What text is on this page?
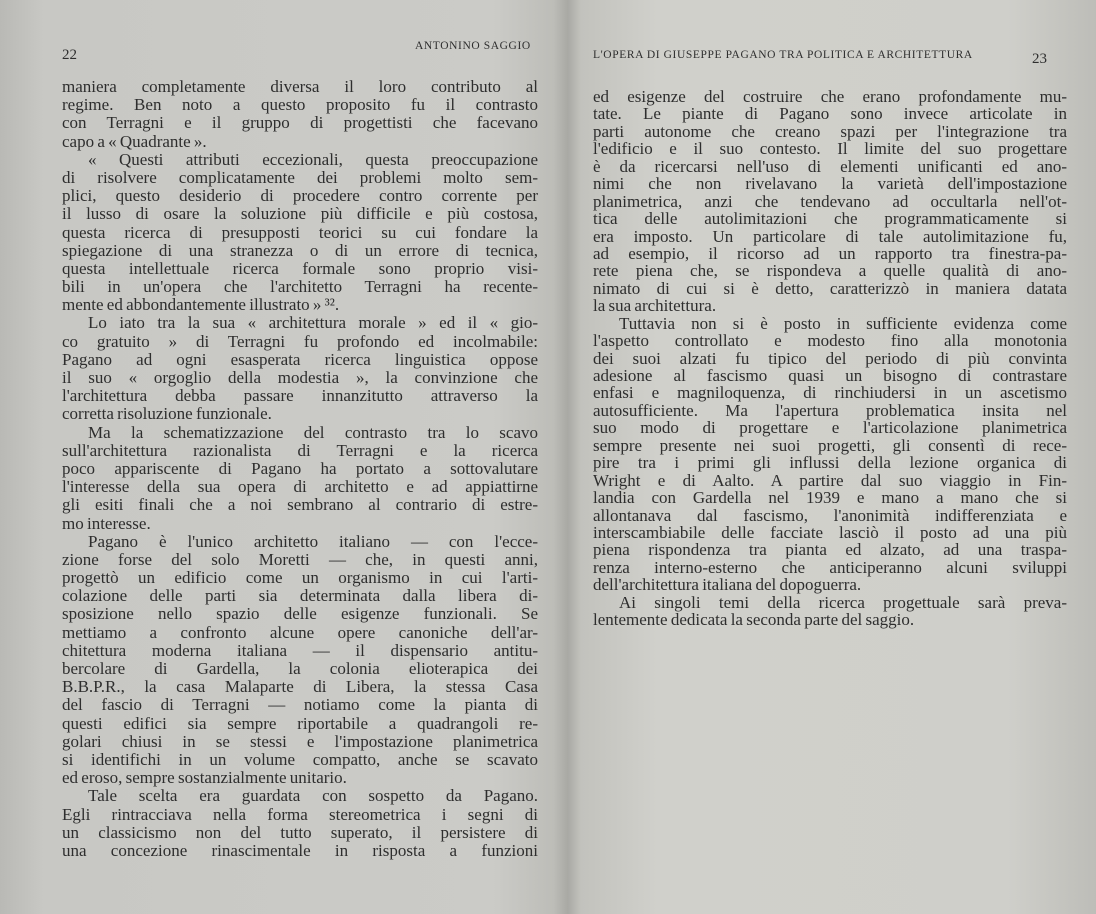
22
ANTONINO SAGGIO
maniera completamente diversa il loro contributo al
regime. Ben noto a questo proposito fu il contrasto
con Terragni e il gruppo di progettisti che facevano
capo a « Quadrante ».
« Questi attributi eccezionali, questa preoccupazione
di risolvere complicatamente dei problemi molto sem-
plici, questo desiderio di procedere contro corrente per
il lusso di osare la soluzione più difficile e più costosa,
questa ricerca di presupposti teorici su cui fondare la
spiegazione di una stranezza o di un errore di tecnica,
questa intellettuale ricerca formale sono proprio visi-
bili in un'opera che l'architetto Terragni ha recente-
mente ed abbondantemente illustrato » ³².
Lo iato tra la sua « architettura morale » ed il « gio-
co gratuito » di Terragni fu profondo ed incolmabile:
Pagano ad ogni esasperata ricerca linguistica oppose
il suo « orgoglio della modestia », la convinzione che
l'architettura debba passare innanzitutto attraverso la
corretta risoluzione funzionale.
Ma la schematizzazione del contrasto tra lo scavo
sull'architettura razionalista di Terragni e la ricerca
poco appariscente di Pagano ha portato a sottovalutare
l'interesse della sua opera di architetto e ad appiattirne
gli esiti finali che a noi sembrano al contrario di estre-
mo interesse.
Pagano è l'unico architetto italiano — con l'ecce-
zione forse del solo Moretti — che, in questi anni,
progettò un edificio come un organismo in cui l'arti-
colazione delle parti sia determinata dalla libera di-
sposizione nello spazio delle esigenze funzionali. Se
mettiamo a confronto alcune opere canoniche dell'ar-
chitettura moderna italiana — il dispensario antitu-
bercolare di Gardella, la colonia elioterapica dei
B.B.P.R., la casa Malaparte di Libera, la stessa Casa
del fascio di Terragni — notiamo come la pianta di
questi edifici sia sempre riportabile a quadrangoli re-
golari chiusi in se stessi e l'impostazione planimetrica
si identifichi in un volume compatto, anche se scavato
ed eroso, sempre sostanzialmente unitario.
Tale scelta era guardata con sospetto da Pagano.
Egli rintracciava nella forma stereometrica i segni di
un classicismo non del tutto superato, il persistere di
una concezione rinascimentale in risposta a funzioni
L'OPERA DI GIUSEPPE PAGANO TRA POLITICA E ARCHITETTURA	23
ed esigenze del costruire che erano profondamente mu-
tate. Le piante di Pagano sono invece articolate in
parti autonome che creano spazi per l'integrazione tra
l'edificio e il suo contesto. Il limite del suo progettare
è da ricercarsi nell'uso di elementi unificanti ed ano-
nimi che non rivelavano la varietà dell'impostazione
planimetrica, anzi che tendevano ad occultarla nell'ot-
tica delle autolimitazioni che programmaticamente si
era imposto. Un particolare di tale autolimitazione fu,
ad esempio, il ricorso ad un rapporto tra finestra-pa-
rete piena che, se rispondeva a quelle qualità di ano-
nimato di cui si è detto, caratterizzò in maniera datata
la sua architettura.
Tuttavia non si è posto in sufficiente evidenza come
l'aspetto controllato e modesto fino alla monotonia
dei suoi alzati fu tipico del periodo di più convinta
adesione al fascismo quasi un bisogno di contrastare
enfasi e magniloquenza, di rinchiudersi in un ascetismo
autosufficiente. Ma l'apertura problematica insita nel
suo modo di progettare e l'articolazione planimetrica
sempre presente nei suoi progetti, gli consentì di rece-
pire tra i primi gli influssi della lezione organica di
Wright e di Aalto. A partire dal suo viaggio in Fin-
landia con Gardella nel 1939 e mano a mano che si
allontanava dal fascismo, l'anonimità indifferenziata e
interscambiabile delle facciate lasciò il posto ad una più
piena rispondenza tra pianta ed alzato, ad una traspa-
renza interno-esterno che anticiperanno alcuni sviluppi
dell'architettura italiana del dopoguerra.
Ai singoli temi della ricerca progettuale sarà preva-
lentemente dedicata la seconda parte del saggio.
